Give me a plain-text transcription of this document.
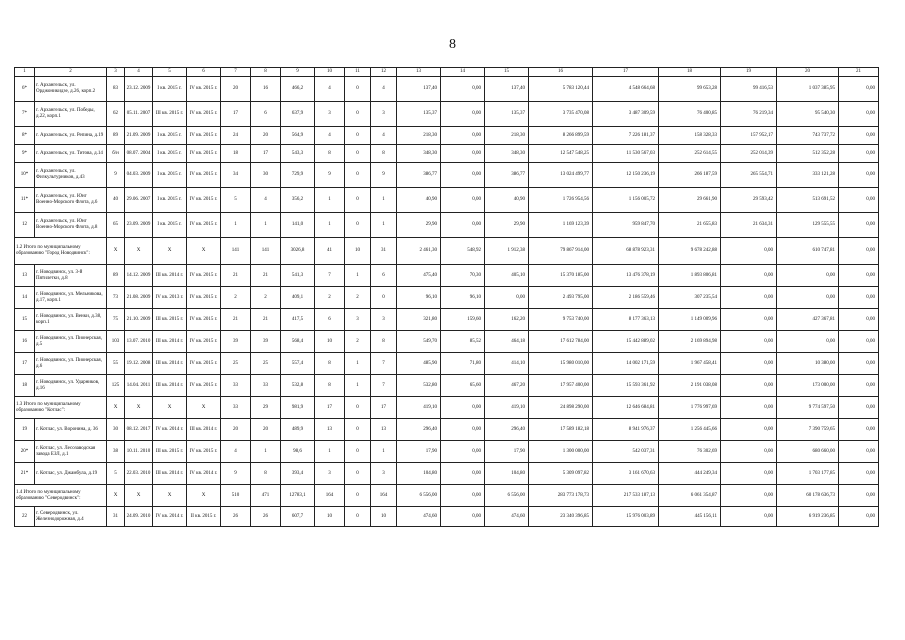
8
1	2	3	4	5	6	7	8	9	10	11	12	13	14	15	16	17	18	19	20	21
6*	г. Архангельск, ул. Орджоникидзе, д.26, корп.2	83	23.12. 2009	I кв. 2015 г.	IV кв. 2015 г.	20	16	466,2	4	0	4	137,40	0,00	137,40	5 783 120,44	4 548 664,68	99 653,28	99 416,53	1 037 385,95	0,00
7*	г. Архангельск, ул. Победы, д.22, корп.1	62	05.11. 2007	III кв. 2015 г.	IV кв. 2015 г.	17	6	637,9	3	0	3	135,37	0,00	135,37	3 735 470,08	3 487 309,59	76 400,85	76 219,34	95 540,30	0,00
8*	г. Архангельск, ул. Репина, д.19	89	21.09. 2009	I кв. 2015 г.	IV кв. 2015 г.	24	20	564,9	4	0	4	218,30	0,00	218,30	8 266 899,59	7 226 181,37	158 328,33	157 952,17	743 737,72	0,00
9*	г. Архангельск, ул. Титова, д.14	б/н	08.07. 2004	I кв. 2015 г.	IV кв. 2015 г.	18	17	543,3	8	0	8	348,30	0,00	348,30	12 547 548,25	11 530 567,03	252 614,55	252 014,39	512 352,28	0,00
10*	г. Архангельск, ул. Физкультурников, д.43	9	04.03. 2009	I кв. 2015 г.	IV кв. 2015 г.	34	30	729,9	9	0	9	386,77	0,00	386,77	13 024 499,77	12 150 236,19	266 187,59	265 554,71	333 121,28	0,00
11*	г. Архангельск, ул. Юнг Военно-Морского Флота, д.6	40	29.06. 2007	I кв. 2015 г.	IV кв. 2015 г.	5	4	356,2	1	0	1	40,90	0,00	40,90	1 726 954,56	1 156 005,72	29 661,90	29 593,42	513 691,52	0,00
12	г. Архангельск, ул. Юнг Военно-Морского Флота, д.8	65	23.09. 2009	I кв. 2015 г.	IV кв. 2015 г.	1	1	141,0	1	0	1	29,90	0,00	29,90	1 169 123,39	959 847,70	21 655,83	21 634,31	129 555,55	0,00
1.2 Итого по муниципальному образованию "Город Новодвинск":		X	X	X	X	141	141	3026,8	41	10	31	2 461,30	548,92	1 912,38	79 867 914,00	68 878 923,31	9 678 242,88	0,00	610 747,81	0,00
13	г. Новодвинск, ул. 3-й Пятилетки, д.8	89	14.12. 2009	III кв. 2014 г.	IV кв. 2015 г.	21	21	541,3	7	1	6	475,40	70,30	405,10	15 370 185,00	13 476 378,19	1 893 806,81	0,00	0,00	0,00
14	г. Новодвинск, ул. Мельникова, д.17, корп.1	73	21.08. 2009	IV кв. 2013 г.	IV кв. 2015 г.	2	2	409,1	2	2	0	96,10	96,10	0,00	2 493 795,00	2 186 559,46	307 235,54	0,00	0,00	0,00
15	г. Новодвинск, ул. Венки, д.38, корп.1	75	21.10. 2009	III кв. 2015 г.	IV кв. 2015 г.	21	21	417,5	6	3	3	321,80	159,60	162,20	9 753 740,00	8 177 363,13	1 149 009,96	0,00	427 367,81	0,00
16	г. Новодвинск, ул. Пионерская, д.5	103	13.07. 2010	III кв. 2014 г.	IV кв. 2015 г.	39	39	568,4	10	2	8	549,70	85,52	464,18	17 612 784,00	15 442 889,02	2 169 894,98	0,00	0,00	0,00
17	г. Новодвинск, ул. Пионерская, д.6	55	19.12. 2008	III кв. 2014 г.	IV кв. 2015 г.	25	25	557,4	8	1	7	485,90	71,80	414,10	15 980 010,00	14 002 171,59	1 967 458,41	0,00	10 380,00	0,00
18	г. Новодвинск, ул. Ударников, д.16	125	14.04. 2011	III кв. 2014 г.	IV кв. 2015 г.	33	33	532,8	8	1	7	532,80	65,60	467,20	17 957 400,00	15 593 361,92	2 191 038,08	0,00	173 000,00	0,00
1.3 Итого по муниципальному образованию "Котлас":		X	X	X	X	33	29	981,9	17	0	17	419,10	0,00	419,10	24 898 290,00	12 646 684,81	1 776 997,69	0,00	9 774 597,50	0,00
19	г. Котлас, ул. Воронина, д. 36	30	08.12. 2017	IV кв. 2014 г.	III кв. 2014 г.	20	20	489,9	13	0	13	296,40	0,00	296,40	17 589 182,18	8 941 976,37	1 256 445,66	0,00	7 390 759,65	0,00
20*	г. Котлас, ул. Лесозаводская завода ЕЗЛ, д.1	38	10.11. 2010	III кв. 2015 г.	IV кв. 2015 г.	4	1	98,6	1	0	1	17,90	0,00	17,90	1 300 000,00	542 037,31	76 302,69	0,00	680 660,00	0,00
21*	г. Котлас, ул. Джамбула, д.19	5	22.03. 2010	III кв. 2014 г.	IV кв. 2014 г.	9	8	393,4	3	0	3	104,80	0,00	104,80	5 309 097,82	3 161 670,63	444 249,34	0,00	1 703 177,85	0,00
1.4 Итого по муниципальному образованию "Северодвинск":		X	X	X	X	510	471	12783,1	164	0	164	6 556,00	0,00	6 556,00	283 773 178,73	217 533 187,13	6 061 354,87	0,00	60 178 636,73	0,00
22	г. Северодвинск, ул. Железнодорожная, д.4	31	24.09. 2010	IV кв. 2014 г.	II кв. 2015 г.	26	26	607,7	10	0	10	474,60	0,00	474,60	23 340 396,85	15 976 003,89	445 156,11	0,00	6 919 236,85	0,00
